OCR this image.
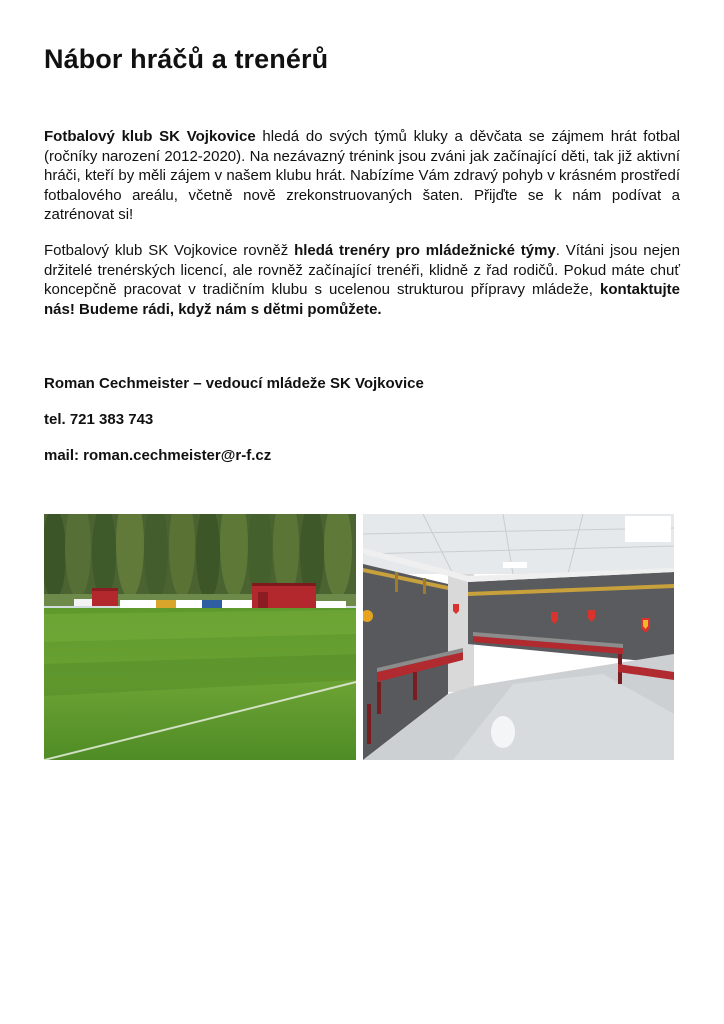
Nábor hráčů a trenérů

Fotbalový klub SK Vojkovice hledá do svých týmů kluky a děvčata se zájmem hrát fotbal (ročníky narození 2012-2020). Na nezávazný trénink jsou zváni jak začínající děti, tak již aktivní hráči, kteří by měli zájem v našem klubu hrát. Nabízíme Vám zdravý pohyb v krásném prostředí fotbalového areálu, včetně nově zrekonstruovaných šaten. Přijďte se k nám podívat a zatrénovat si!

Fotbalový klub SK Vojkovice rovněž hledá trenéry pro mládežnické týmy. Vítáni jsou nejen držitelé trenérských licencí, ale rovněž začínající trenéři, klidně z řad rodičů. Pokud máte chuť koncepčně pracovat v tradičním klubu s ucelenou strukturou přípravy mládeže, kontaktujte nás! Budeme rádi, když nám s dětmi pomůžete.

Roman Cechmeister – vedoucí mládeže SK Vojkovice

tel. 721 383 743

mail: roman.cechmeister@r-f.cz
